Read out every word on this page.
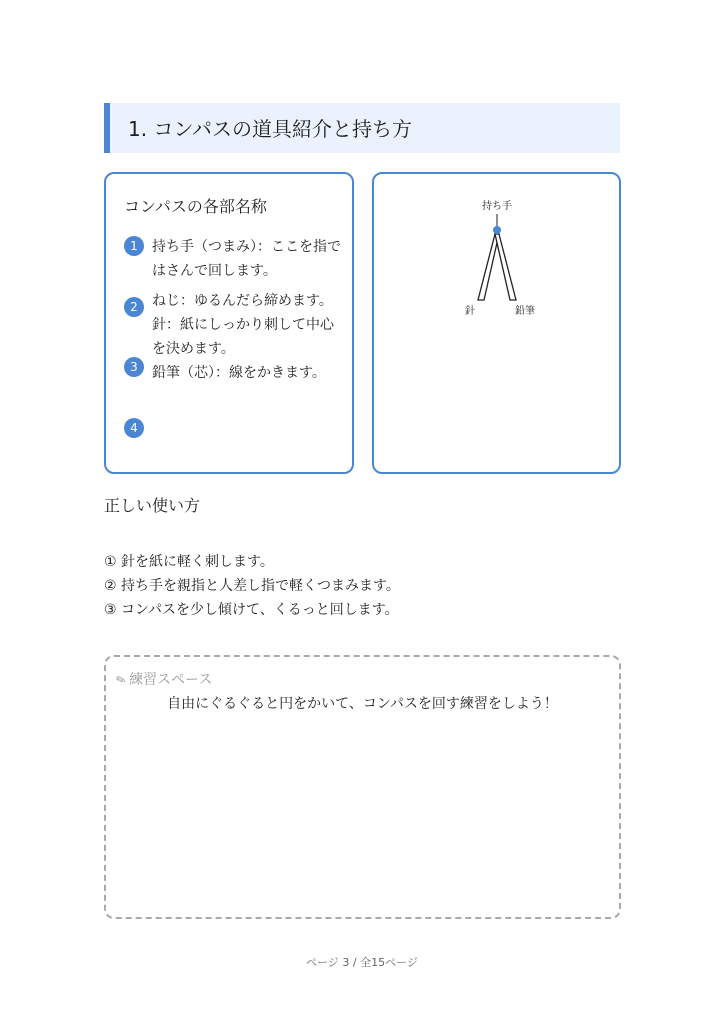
1. コンパスの道具紹介と持ち方
コンパスの各部名称
1
2
3
4

持ち手（つまみ）：ここを指ではさんで回します。

ねじ：ゆるんだら締めます。

針：紙にしっかり刺して中心を決めます。

鉛筆（芯）：線をかきます。

持ち手
針	鉛筆
正しい使い方
① 針を紙に軽く刺します。
② 持ち手を親指と人差し指で軽くつまみます。
③ コンパスを少し傾けて、くるっと回します。
✎練習スペース
自由にぐるぐると円をかいて、コンパスを回す練習をしよう！
ページ 3 / 全15ページ
